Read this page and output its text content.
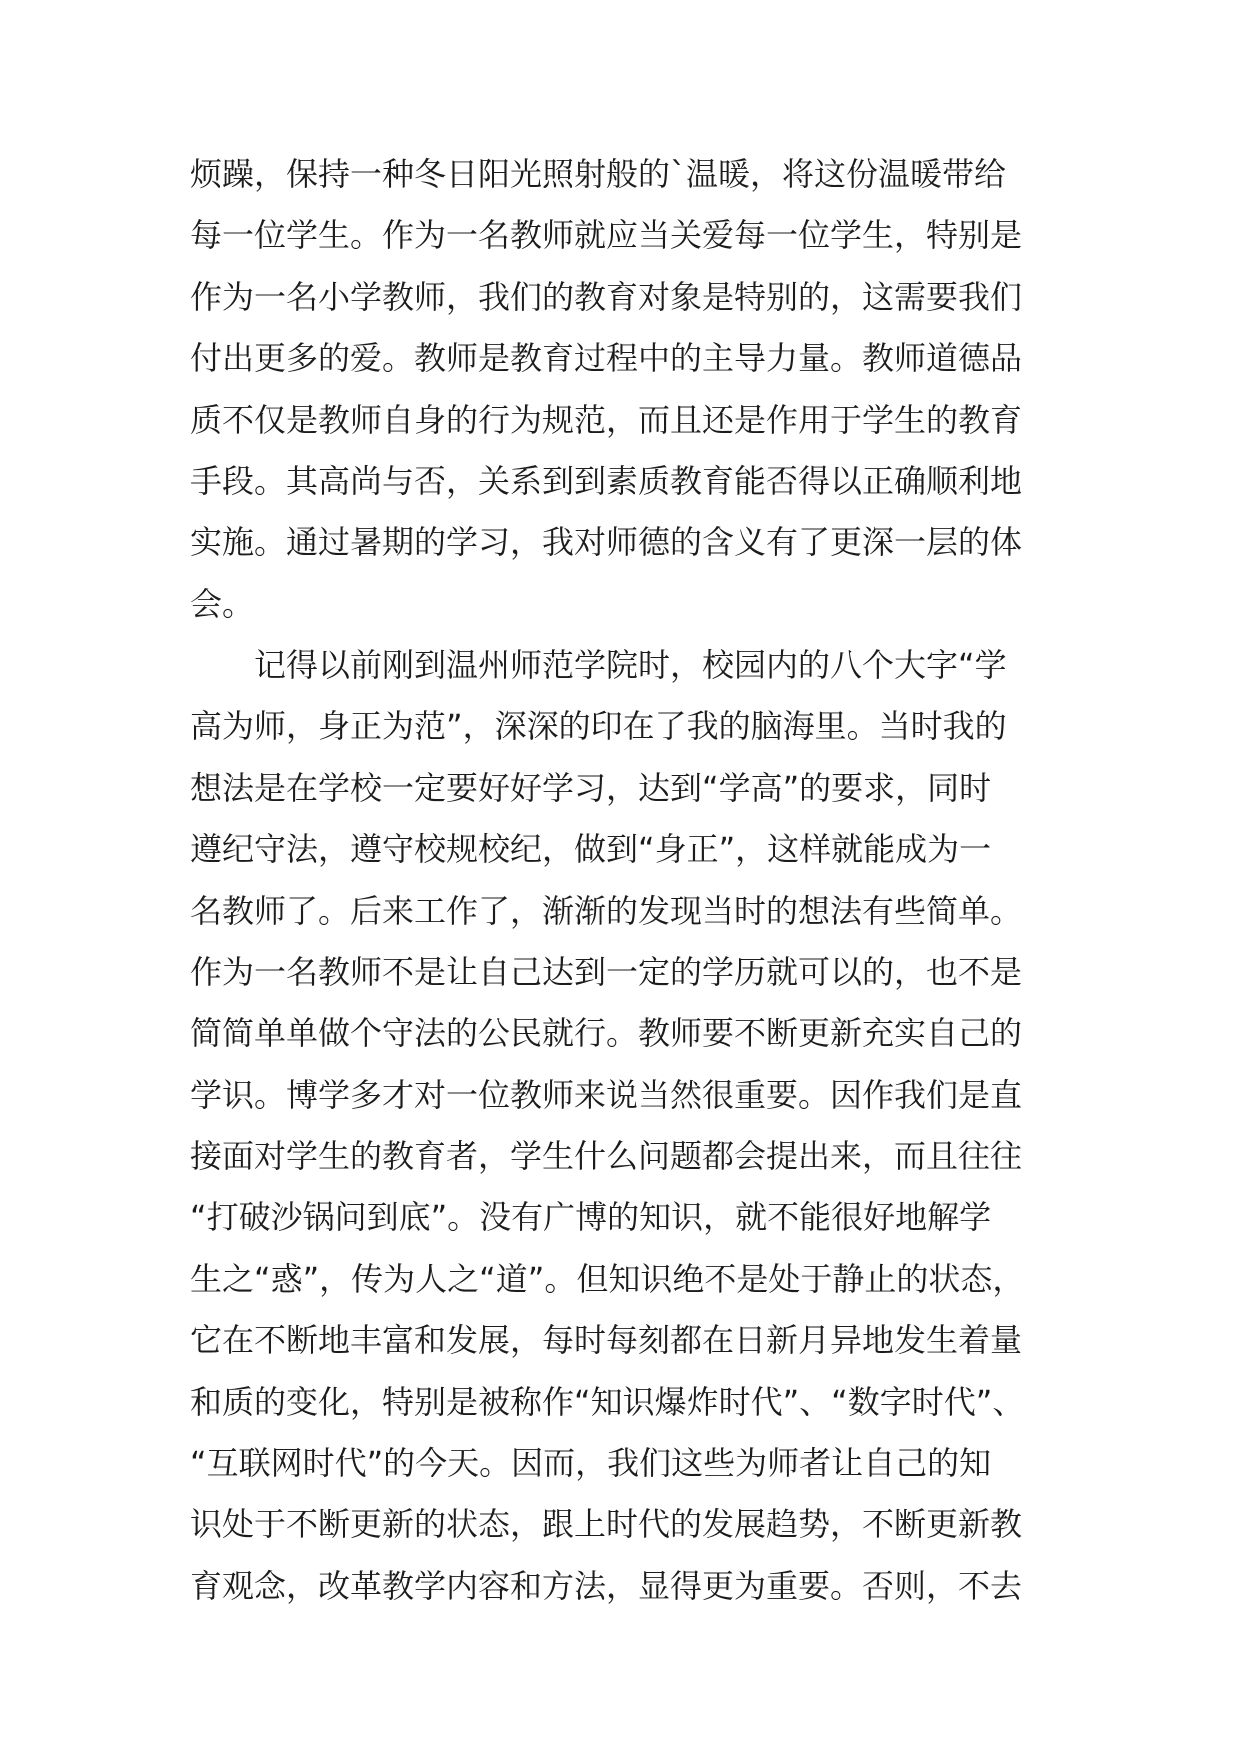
烦躁，保持一种冬日阳光照射般的`温暖，将这份温暖带给
每一位学生。作为一名教师就应当关爱每一位学生，特别是
作为一名小学教师，我们的教育对象是特别的，这需要我们
付出更多的爱。教师是教育过程中的主导力量。教师道德品
质不仅是教师自身的行为规范，而且还是作用于学生的教育
手段。其高尚与否，关系到到素质教育能否得以正确顺利地
实施。通过暑期的学习，我对师德的含义有了更深一层的体
会。
记得以前刚到温州师范学院时，校园内的八个大字“学
高为师，身正为范”，深深的印在了我的脑海里。当时我的
想法是在学校一定要好好学习，达到“学高”的要求，同时
遵纪守法，遵守校规校纪，做到“身正”，这样就能成为一
名教师了。后来工作了，渐渐的发现当时的想法有些简单。
作为一名教师不是让自己达到一定的学历就可以的，也不是
简简单单做个守法的公民就行。教师要不断更新充实自己的
学识。博学多才对一位教师来说当然很重要。因作我们是直
接面对学生的教育者，学生什么问题都会提出来，而且往往
“打破沙锅问到底”。没有广博的知识，就不能很好地解学
生之“惑”，传为人之“道”。但知识绝不是处于静止的状态，
它在不断地丰富和发展，每时每刻都在日新月异地发生着量
和质的变化，特别是被称作“知识爆炸时代”、“数字时代”、
“互联网时代”的今天。因而，我们这些为师者让自己的知
识处于不断更新的状态，跟上时代的发展趋势，不断更新教
育观念，改革教学内容和方法，显得更为重要。否则，不去
